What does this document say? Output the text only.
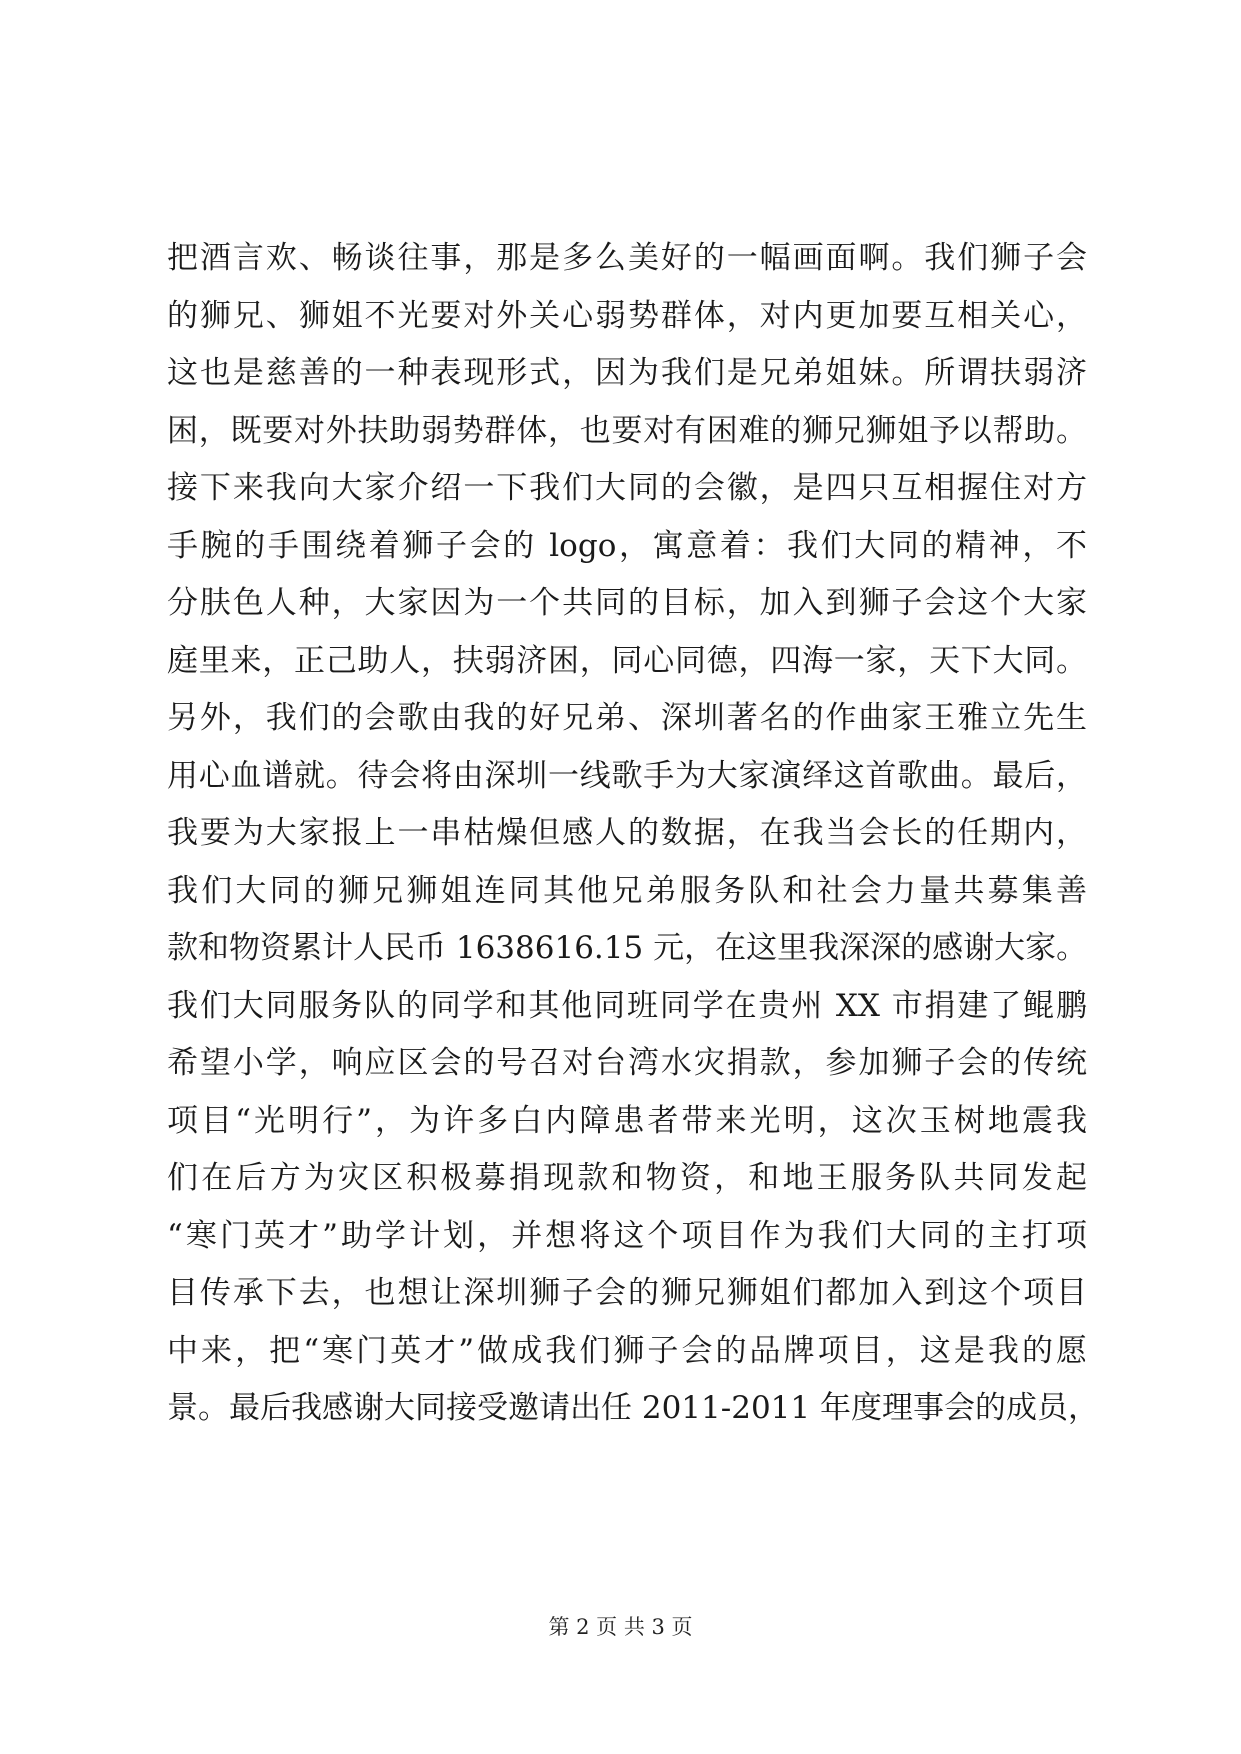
把酒言欢、畅谈往事，那是多么美好的一幅画面啊。我们狮子会
的狮兄、狮姐不光要对外关心弱势群体，对内更加要互相关心，
这也是慈善的一种表现形式，因为我们是兄弟姐妹。所谓扶弱济
困，既要对外扶助弱势群体，也要对有困难的狮兄狮姐予以帮助。
接下来我向大家介绍一下我们大同的会徽，是四只互相握住对方
手腕的手围绕着狮子会的 logo，寓意着：我们大同的精神，不
分肤色人种，大家因为一个共同的目标，加入到狮子会这个大家
庭里来，正己助人，扶弱济困，同心同德，四海一家，天下大同。
另外，我们的会歌由我的好兄弟、深圳著名的作曲家王雅立先生
用心血谱就。待会将由深圳一线歌手为大家演绎这首歌曲。最后，
我要为大家报上一串枯燥但感人的数据，在我当会长的任期内，
我们大同的狮兄狮姐连同其他兄弟服务队和社会力量共募集善
款和物资累计人民币 1638616.15 元，在这里我深深的感谢大家。
我们大同服务队的同学和其他同班同学在贵州 XX 市捐建了鲲鹏
希望小学，响应区会的号召对台湾水灾捐款，参加狮子会的传统
项目“光明行”，为许多白内障患者带来光明，这次玉树地震我
们在后方为灾区积极募捐现款和物资，和地王服务队共同发起
“寒门英才”助学计划，并想将这个项目作为我们大同的主打项
目传承下去，也想让深圳狮子会的狮兄狮姐们都加入到这个项目
中来，把“寒门英才”做成我们狮子会的品牌项目，这是我的愿
景。最后我感谢大同接受邀请出任 2011-2011 年度理事会的成员，
第 2 页 共 3 页
